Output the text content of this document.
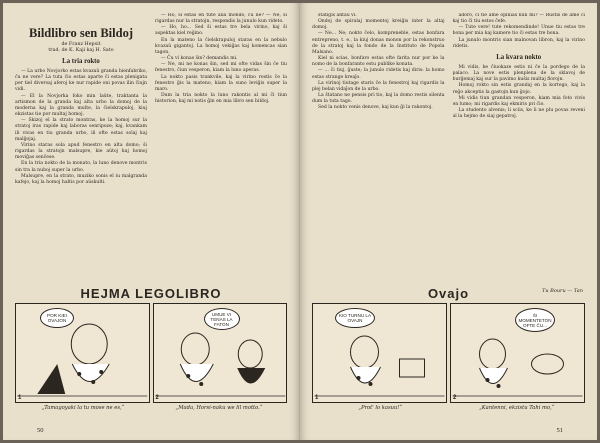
Bildlibro sen Bildoj
de Franz Hepsit
trad. de K. Kaji kaj H. Sato
La tria rokto

— La urbo Novjorko estas kvazaŭ granda bienfabriko, ĉu ne vere? La tuta ĉio estas aparte ĉi estas plenigata per tiel diversaj aferoj ke nur rapide oni povas ilin ĉiujn vidi.

— El la Novjorka foko min laŭte, traktanta la artismon de la granda kaj alta urbo la domoj de la moderna kaj la granda multe, la ĉielskrapuloj, kiuj ekzistas tie por multaj homoj.

— Skizoj el la strato montras, ke la homoj sur la stratoj iras rapide kaj laboras senripoze; kaj, kvankam ili vivas en tiu granda urbo, ili ofte estas solaj kaj malĝojaj.

Virino staras sola apud fenestro en alta domo; ŝi rigardas la stratojn malsupre, kie aŭtoj kaj homoj moviĝas senĉese.

En la tria nokto de la monato, la luno denove montris sin tra la nuboj super la urbo.

Malsupre, en la strato, muziko sonis el iu malgranda kafejo, kaj la homoj haltis por aŭskulti.

— Ho, ŝi estas en tute alia mondo, ĉu ne? — Ne, ŝi rigardas nur la stratojn, respondis la junulo kun rideto.

— Ho, ho... Sed ŝi estas tre bela virino, kaj ŝi aspektas kiel reĝino.

En la mateno la ĉielskrapuloj staras en la nebulo kvazaŭ gigantoj. La homoj vekiĝas kaj komencas sian tagon.

— Ĉu vi konas ŝin? demandis mi.

— Ne, mi ne konas ŝin, sed mi ofte vidas ŝin ĉe tiu fenestro, ĉiun vesperon, kiam la luno aperas.

La nokto pasis trankvile, kaj la virino restis ĉe la fenestro ĝis la mateno, kiam la suno leviĝis super la maro.

Dum la tria nokto la luno rakontis al mi ĉi tiun historion, kaj mi notis ĝin en mia libro sen bildoj.

HEJMA LEGOLIBRO
POR KIEI OVAJON
1
UMUE VI TENAS LA FATON
2
„Tamagoyaki la tu mose ne es,“	„Mada, Horsi-naku we lil motto.“
50

ŝtatiĝis antaŭ vi.

Ondoj de spiralaj momentoj kreiĝis inter la altaj domoj.

— Ne... Ne; nokto ĉelo, kompreneble, estas bonfara entrepreno, t. e., la kiuj donas monon por la rekonstruo de la stratoj kaj la fondo de la Instituto de Popola Malsano.

Kiel ni scias, bonfaro estas ofte farita nur por ke la nomo de la bonfaranto estu publike konata.

— ... ĉi tiuj, ĝuste; la junulo ridetis kaj diris: la homo estas strange kreaĵo.

La virinoj tiutage staris ĉe la fenestroj kaj rigardis la plej belan vidaĵon de la urbo.

La ŝtatano ne pensis pri tio, kaj la domo restis silenta dum la tuta tago.

Sed la nokto venis denove, kaj kun ĝi la rakontoj.

adoro, ĉi tie ame opinias kun mi? — Rustis de ame ĉi kaj tio ĉi tiu estos ĉefe.

— Tute vere! tute rekomendinde! Unue tiu estas tre bona per mia kaj kamere tio ĉi estas tre bona.

La junulo montris sian malnovan libron, kaj la virino ridetis.

La kvara nokto

Mi vidis, ke ĉiuokaze estis ni ĉe la pordego de la palaco. La nove estis plenplena de la sklavoj de burĝemaj kaj sur la pavimo kuŝis multaj florojn.

Homoj rokto sin estis grandaj en la kortego, kaj la reĝo akceptis la gastojn kun ĝojo.

Mi vidis tiun grandan vesperon, kiam mia foto vivis en lumo; mi rigardis kaj ekmiris pri ĉio.

La studento alvenis; li sciis, ke li ne plu povas reveni al la hejmo de siaj gepatroj.

Ovajo	Tu Bouru — Tan
KIO TURNU LA OVAJN
1
ŜI MOMENTETON OFTE ĈU...
2
„Prot' lo kasuu!“	„Kantenni, ekzistu Tahi mo,“
51
